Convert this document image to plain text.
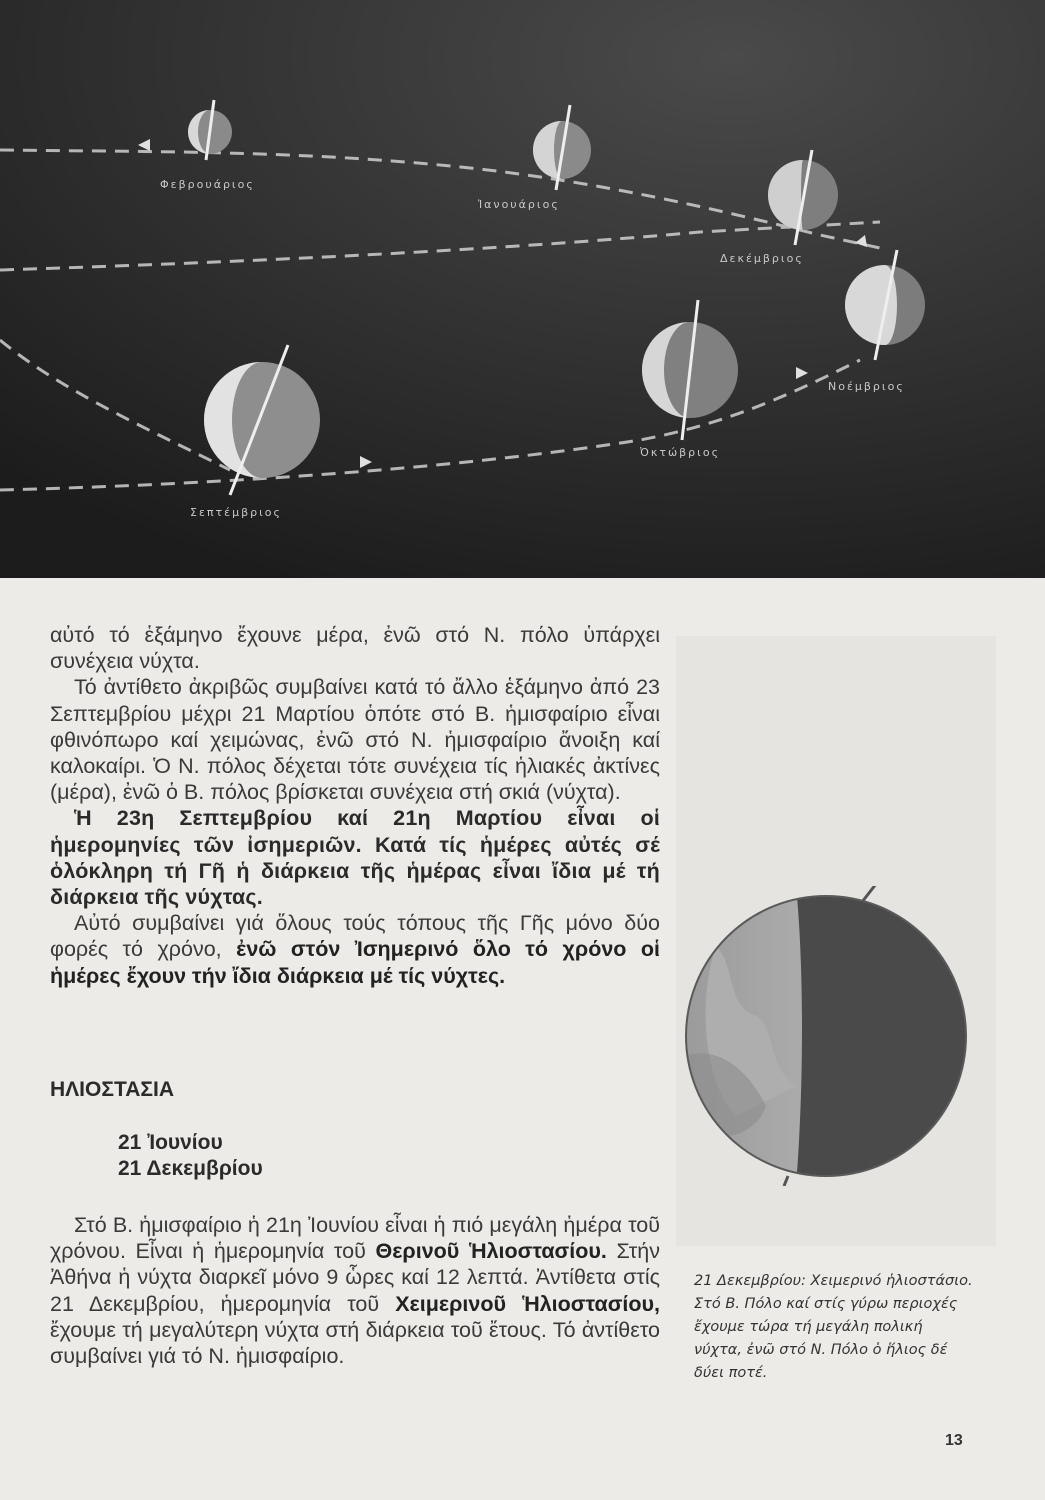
Φεβρουάριος
Ἰανουάριος
Δεκέμβριος
Νοέμβριος
Ὀκτώβριος
Σεπτέμβριος

αὐτό τό ἑξάμηνο ἔχουνε μέρα, ἐνῶ στό Ν. πόλο ὑπάρχει συνέχεια νύχτα.

Τό ἀντίθετο ἀκριβῶς συμβαίνει κατά τό ἄλλο ἑξάμηνο ἀπό 23 Σεπτεμβρίου μέχρι 21 Μαρτίου ὁπότε στό Β. ἡμισφαίριο εἶναι φθινόπωρο καί χειμώνας, ἐνῶ στό Ν. ἡμισφαίριο ἄνοιξη καί καλοκαίρι. Ὁ Ν. πόλος δέχεται τότε συνέχεια τίς ἡλιακές ἀκτίνες (μέρα), ἐνῶ ὁ Β. πόλος βρίσκεται συνέχεια στή σκιά (νύχτα).

Ἡ 23η Σεπτεμβρίου καί 21η Μαρτίου εἶναι οἱ ἡμερομηνίες τῶν ἰσημεριῶν. Κατά τίς ἡμέρες αὐτές σέ ὁλόκληρη τή Γῆ ἡ διάρκεια τῆς ἡμέρας εἶναι ἴδια μέ τή διάρκεια τῆς νύχτας.

Αὐτό συμβαίνει γιά ὅλους τούς τόπους τῆς Γῆς μόνο δύο φορές τό χρόνο, ἐνῶ στόν Ἰσημερινό ὅλο τό χρόνο οἱ ἡμέρες ἔχουν τήν ἴδια διάρκεια μέ τίς νύχτες.

ΗΛΙΟΣΤΑΣΙΑ
21 Ἰουνίου
21 Δεκεμβρίου

Στό Β. ἡμισφαίριο ἡ 21η Ἰουνίου εἶναι ἡ πιό μεγάλη ἡμέρα τοῦ χρόνου. Εἶναι ἡ ἡμερομηνία τοῦ Θερινοῦ Ἡλιοστασίου. Στήν Ἀθήνα ἡ νύχτα διαρκεῖ μόνο 9 ὧρες καί 12 λεπτά. Ἀντίθετα στίς 21 Δεκεμβρίου, ἡμερομηνία τοῦ Χειμερινοῦ Ἡλιοστασίου, ἔχουμε τή μεγαλύτερη νύχτα στή διάρκεια τοῦ ἔτους. Τό ἀντίθετο συμβαίνει γιά τό Ν. ἡμισφαίριο.

21 Δεκεμβρίου: Χειμερινό ἡλιοστάσιο. Στό Β. Πόλο καί στίς γύρω περιοχές ἔχουμε τώρα τή μεγάλη πολική νύχτα, ἐνῶ στό Ν. Πόλο ὁ ἥλιος δέ δύει ποτέ.
13
